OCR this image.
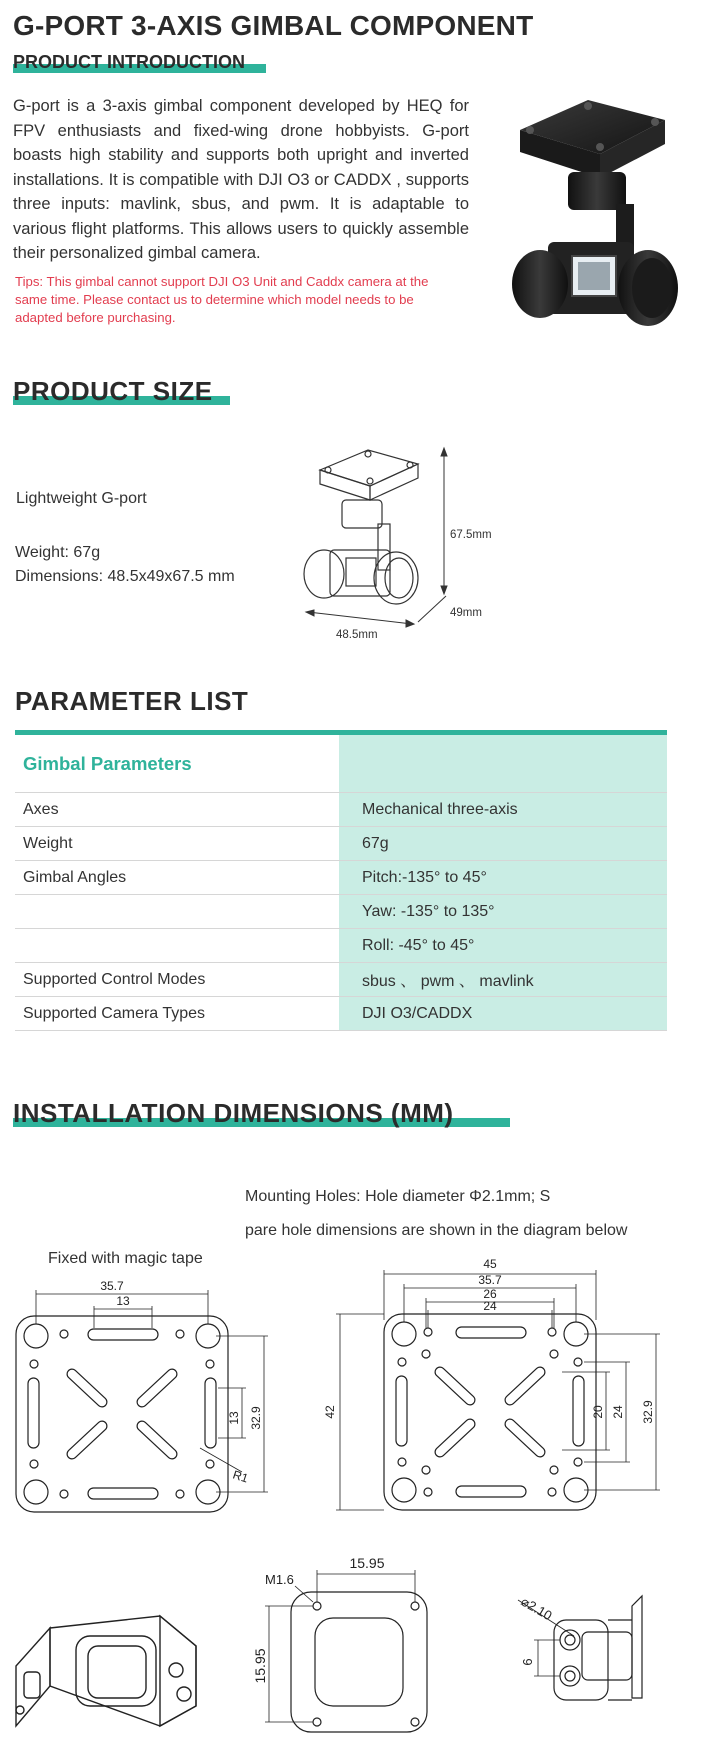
G-PORT 3-AXIS GIMBAL COMPONENT
PRODUCT INTRODUCTION
G-port is a 3-axis gimbal component developed by HEQ for FPV enthusiasts and fixed-wing drone hobbyists. G-port boasts high stability and supports both upright and inverted installations. It is compatible with DJI O3 or CADDX , supports three inputs: mavlink, sbus, and pwm. It is adaptable to various flight platforms. This allows users to quickly assemble their personalized gimbal camera.
Tips: This gimbal cannot support DJI O3 Unit and Caddx camera at the same time. Please contact us to determine which model needs to be adapted before purchasing.
PRODUCT SIZE
Lightweight G-port
Weight: 67g
Dimensions: 48.5x49x67.5 mm
67.5mm
49mm
48.5mm
PARAMETER LIST
Gimbal Parameters
Axes	Mechanical three-axis
Weight	67g
Gimbal Angles	Pitch:-135° to 45°
Yaw: -135° to 135°
Roll: -45° to 45°
Supported Control Modes	sbus 、 pwm 、 mavlink
Supported Camera Types	DJI O3/CADDX
INSTALLATION DIMENSIONS (MM)
Mounting Holes: Hole diameter Φ2.1mm; S
pare hole dimensions are shown in the diagram below
Fixed with magic tape
35.7
13
13 32.9
R1
45
35.7
26
24
42	20 24 32.9
15.95
15.95
M1.6
⌀2.10
6
